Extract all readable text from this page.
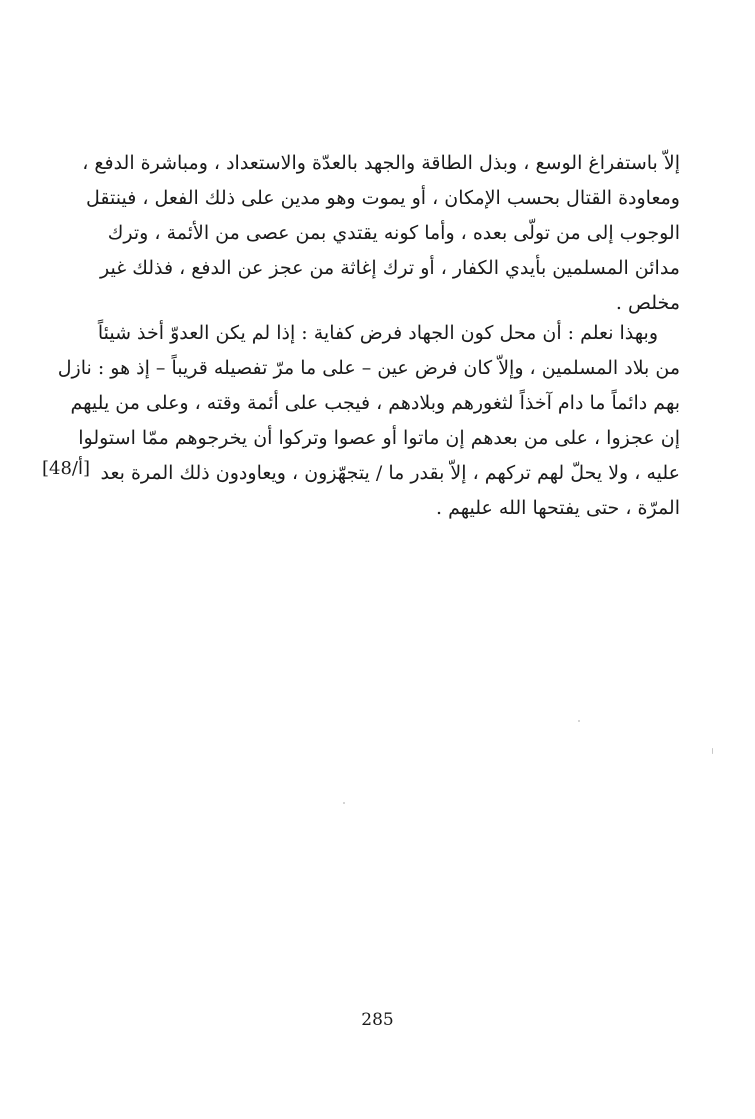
إلاّ باستفراغ الوسع ، وبذل الطاقة والجهد بالعدّة والاستعداد ، ومباشرة الدفع ،
ومعاودة القتال بحسب الإمكان ، أو يموت وهو مدين على ذلك الفعل ، فينتقل
الوجوب إلى من تولّى بعده ، وأما كونه يقتدي بمن عصى من الأئمة ، وترك
مدائن المسلمين بأيدي الكفار ، أو ترك إغاثة من عجز عن الدفع ، فذلك غير
مخلص .
وبهذا نعلم : أن محل كون الجهاد فرض كفاية : إذا لم يكن العدوّ أخذ شيئاً
من بلاد المسلمين ، وإلاّ كان فرض عين – على ما مرّ تفصيله قريباً – إذ هو : نازل
بهم دائماً ما دام آخذاً لثغورهم وبلادهم ، فيجب على أئمة وقته ، وعلى من يليهم
إن عجزوا ، على من بعدهم إن ماتوا أو عصوا وتركوا أن يخرجوهم ممّا استولوا
عليه ، ولا يحلّ لهم تركهم ، إلاّ بقدر ما / يتجهّزون ، ويعاودون ذلك المرة بعد
المرّة ، حتى يفتحها الله عليهم .
[48/أ]
285
